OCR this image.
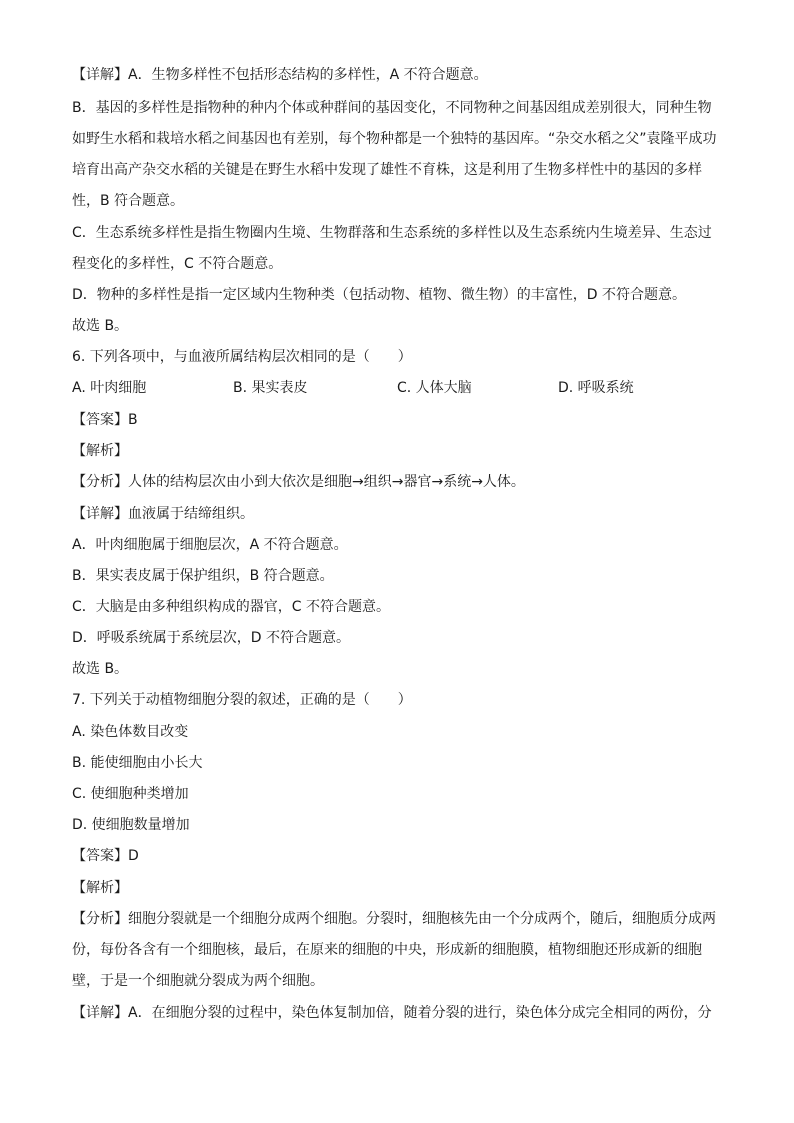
【详解】A．生物多样性不包括形态结构的多样性，A 不符合题意。
B．基因的多样性是指物种的种内个体或种群间的基因变化，不同物种之间基因组成差别很大，同种生物
如野生水稻和栽培水稻之间基因也有差别，每个物种都是一个独特的基因库。“杂交水稻之父”袁隆平成功
培育出高产杂交水稻的关键是在野生水稻中发现了雄性不育株，这是利用了生物多样性中的基因的多样
性，B 符合题意。
C．生态系统多样性是指生物圈内生境、生物群落和生态系统的多样性以及生态系统内生境差异、生态过
程变化的多样性，C 不符合题意。
D．物种的多样性是指一定区域内生物种类（包括动物、植物、微生物）的丰富性，D 不符合题意。
故选 B。
6. 下列各项中，与血液所属结构层次相同的是（　　）
A. 叶肉细胞	B. 果实表皮	C. 人体大脑	D. 呼吸系统
【答案】B
【解析】
【分析】人体的结构层次由小到大依次是细胞→组织→器官→系统→人体。
【详解】血液属于结缔组织。
A．叶肉细胞属于细胞层次，A 不符合题意。
B．果实表皮属于保护组织，B 符合题意。
C．大脑是由多种组织构成的器官，C 不符合题意。
D．呼吸系统属于系统层次，D 不符合题意。
故选 B。
7. 下列关于动植物细胞分裂的叙述，正确的是（　　）
A. 染色体数目改变
B. 能使细胞由小长大
C. 使细胞种类增加
D. 使细胞数量增加
【答案】D
【解析】
【分析】细胞分裂就是一个细胞分成两个细胞。分裂时，细胞核先由一个分成两个，随后，细胞质分成两
份，每份各含有一个细胞核，最后，在原来的细胞的中央，形成新的细胞膜，植物细胞还形成新的细胞
壁，于是一个细胞就分裂成为两个细胞。
【详解】A．在细胞分裂的过程中，染色体复制加倍，随着分裂的进行，染色体分成完全相同的两份，分
